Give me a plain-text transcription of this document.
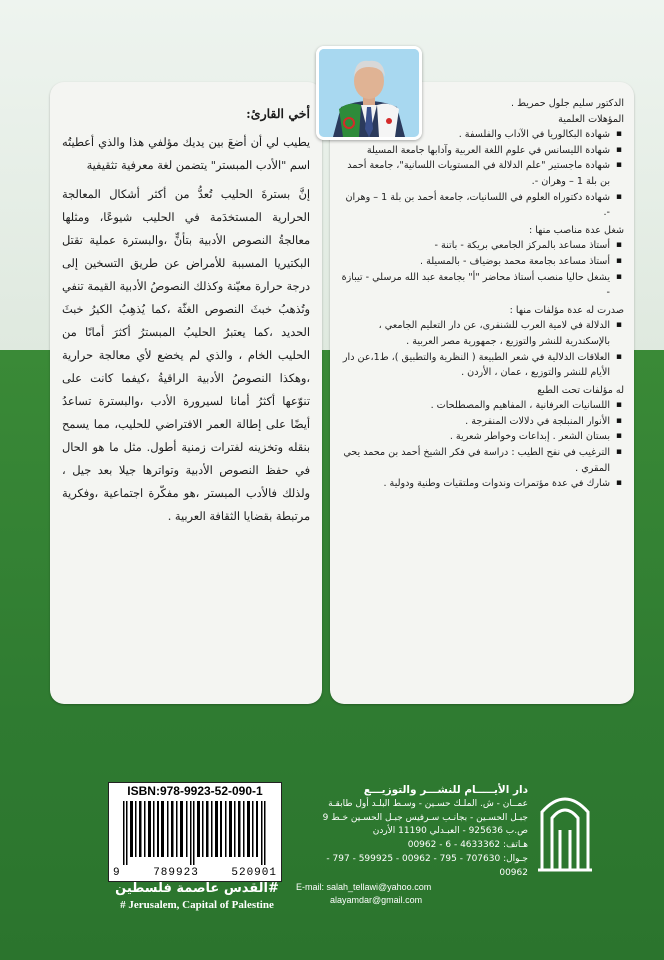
أخي القارئ:

يطيب لي أن أضعَ بين يديك مؤلفي هذا والذي أعطيتُه اسم "الأدب المبستر" يتضمن لغة معرفية تثقيفية

إنَّ بسترةَ الحليب تُعدُّ من أكثر أشكال المعالجة الحرارية المستخدَمة في الحليب شيوعًا، ومثلها معالجةُ النصوص الأدبية بتأنٍّ ،والبسترة عملية تقتل البكتيريا المسببة للأمراض عن طريق التسخين إلى درجة حرارة معيّنة وكذلك النصوصُ الأدبية القيمة تنفي وتُذهبُ خبثَ النصوص الغثّة ،كما يُذهِبُ الكيرُ خبثَ الحديد ،كما يعتبرُ الحليبُ المبسترُ أكثرَ أمانًا من الحليب الخام ، والذي لم يخضع لأي معالجة حرارية ،وهكذا النصوصُ الأدبية الراقيةُ ،كيفما كانت على تنوّعها أكثرُ أمانا لسيرورة الأدب ،والبسترة تساعدُ أيضًا على إطالة العمر الافتراضي للحليب، مما يسمح بنقله وتخزينه لفترات زمنية أطول. مثل ما هو الحال في حفظ النصوص الأدبية وتواترها جيلا بعد جيل ، ولذلك فالأدب المبستر ،هو مفكّرة اجتماعية ،وفكرية مرتبطة بقضايا الثقافة العربية .

الدكتور سليم جلول حمريط .

المؤهلات العلمية

▪ شهادة البكالوريا في الآداب والفلسفة .
▪ شهادة الليسانس في علوم اللغة العربية وآدابها جامعة المسيلة
▪ شهادة ماجستير "علم الدلالة في المستويات اللسانية"، جامعة أحمد بن بلة 1 – وهران -.
▪ شهادة دكتوراه العلوم في اللسانيات، جامعة أحمد بن بلة 1 – وهران -.

شغل عدة مناصب منها :

▪ أستاذ مساعد بالمركز الجامعي بريكة - باتنة -
▪ أستاذ مساعد بجامعة محمد بوضياف - بالمسيلة .
▪ يشغل حاليا منصب أستاذ محاضر "أ" بجامعة عبد الله مرسلي - تيبازة -

صدرت له عدة مؤلفات منها :

▪ الدلالة في لامية العرب للشنفرى، عن دار التعليم الجامعي ، بالإسكندرية للنشر والتوزيع ، جمهورية مصر العربية .
▪ العلاقات الدلالية في شعر الطبيعة ( النظرية والتطبيق )، ط1،عن دار الأيام للنشر والتوزيع ، عمان ، الأردن .

له مؤلفات تحت الطبع

▪ اللسانيات العرفانية ، المفاهيم والمصطلحات .
▪ الأنوار المنبلجة في دلالات المنفرجة .
▪ بستان الشعر . إبداعات وخواطر شعرية .
▪ الترغيب في نفح الطيب : دراسة في فكر الشيخ أحمد بن محمد يحي المقري .
▪ شارك في عدة مؤتمرات وندوات وملتقيات وطنية ودولية .
ISBN:978-9923-52-090-1
9	789923	520901
#القدس عاصمة فلسطين
# Jerusalem, Capital of Palestine
دار الأيـــــام للنشـــر والتوزيـــع
عمــان - ش. الملـك حسـين - وسـط البلـد أول طابقـة
جبـل الحسـين - بجانـب سـرفيس جبـل الحسـين خـط 9
ص.ب 925636 - العبـدلي 11190 الأردن
هـاتف: 4633362 - 6 - 00962
جـوال: 707630 - 795 - 00962 - 599925 - 797 - 00962
E-mail: salah_tellawi@yahoo.com
alayamdar@gmail.com
